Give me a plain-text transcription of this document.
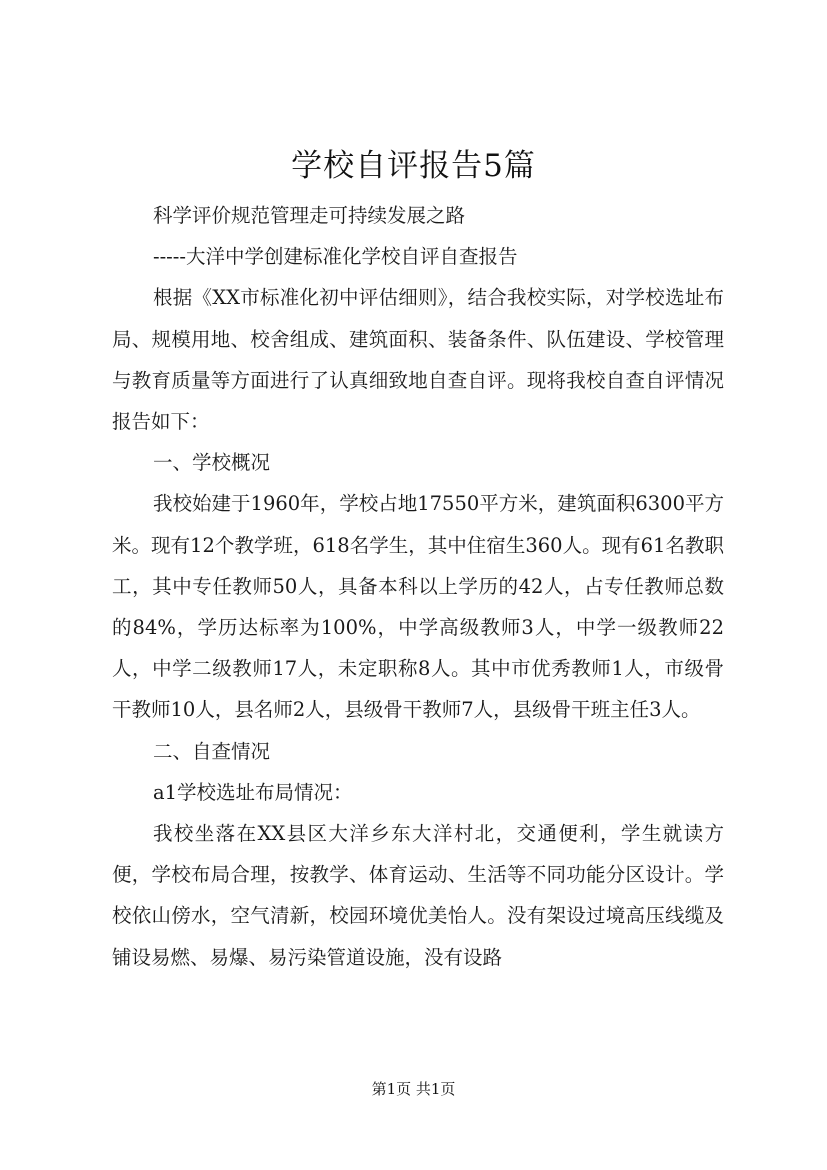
学校自评报告5篇

科学评价规范管理走可持续发展之路

-----大洋中学创建标准化学校自评自查报告

根据《XX市标准化初中评估细则》，结合我校实际，对学校选址布局、规模用地、校舍组成、建筑面积、装备条件、队伍建设、学校管理与教育质量等方面进行了认真细致地自查自评。现将我校自查自评情况报告如下：

一、学校概况

我校始建于1960年，学校占地17550平方米，建筑面积6300平方米。现有12个教学班，618名学生，其中住宿生360人。现有61名教职工，其中专任教师50人，具备本科以上学历的42人，占专任教师总数的84%，学历达标率为100%，中学高级教师3人，中学一级教师22人，中学二级教师17人，未定职称8人。其中市优秀教师1人，市级骨干教师10人，县名师2人，县级骨干教师7人，县级骨干班主任3人。

二、自查情况

a1学校选址布局情况：

我校坐落在XX县区大洋乡东大洋村北，交通便利，学生就读方便，学校布局合理，按教学、体育运动、生活等不同功能分区设计。学校依山傍水，空气清新，校园环境优美怡人。没有架设过境高压线缆及铺设易燃、易爆、易污染管道设施，没有设路

第1页 共1页
